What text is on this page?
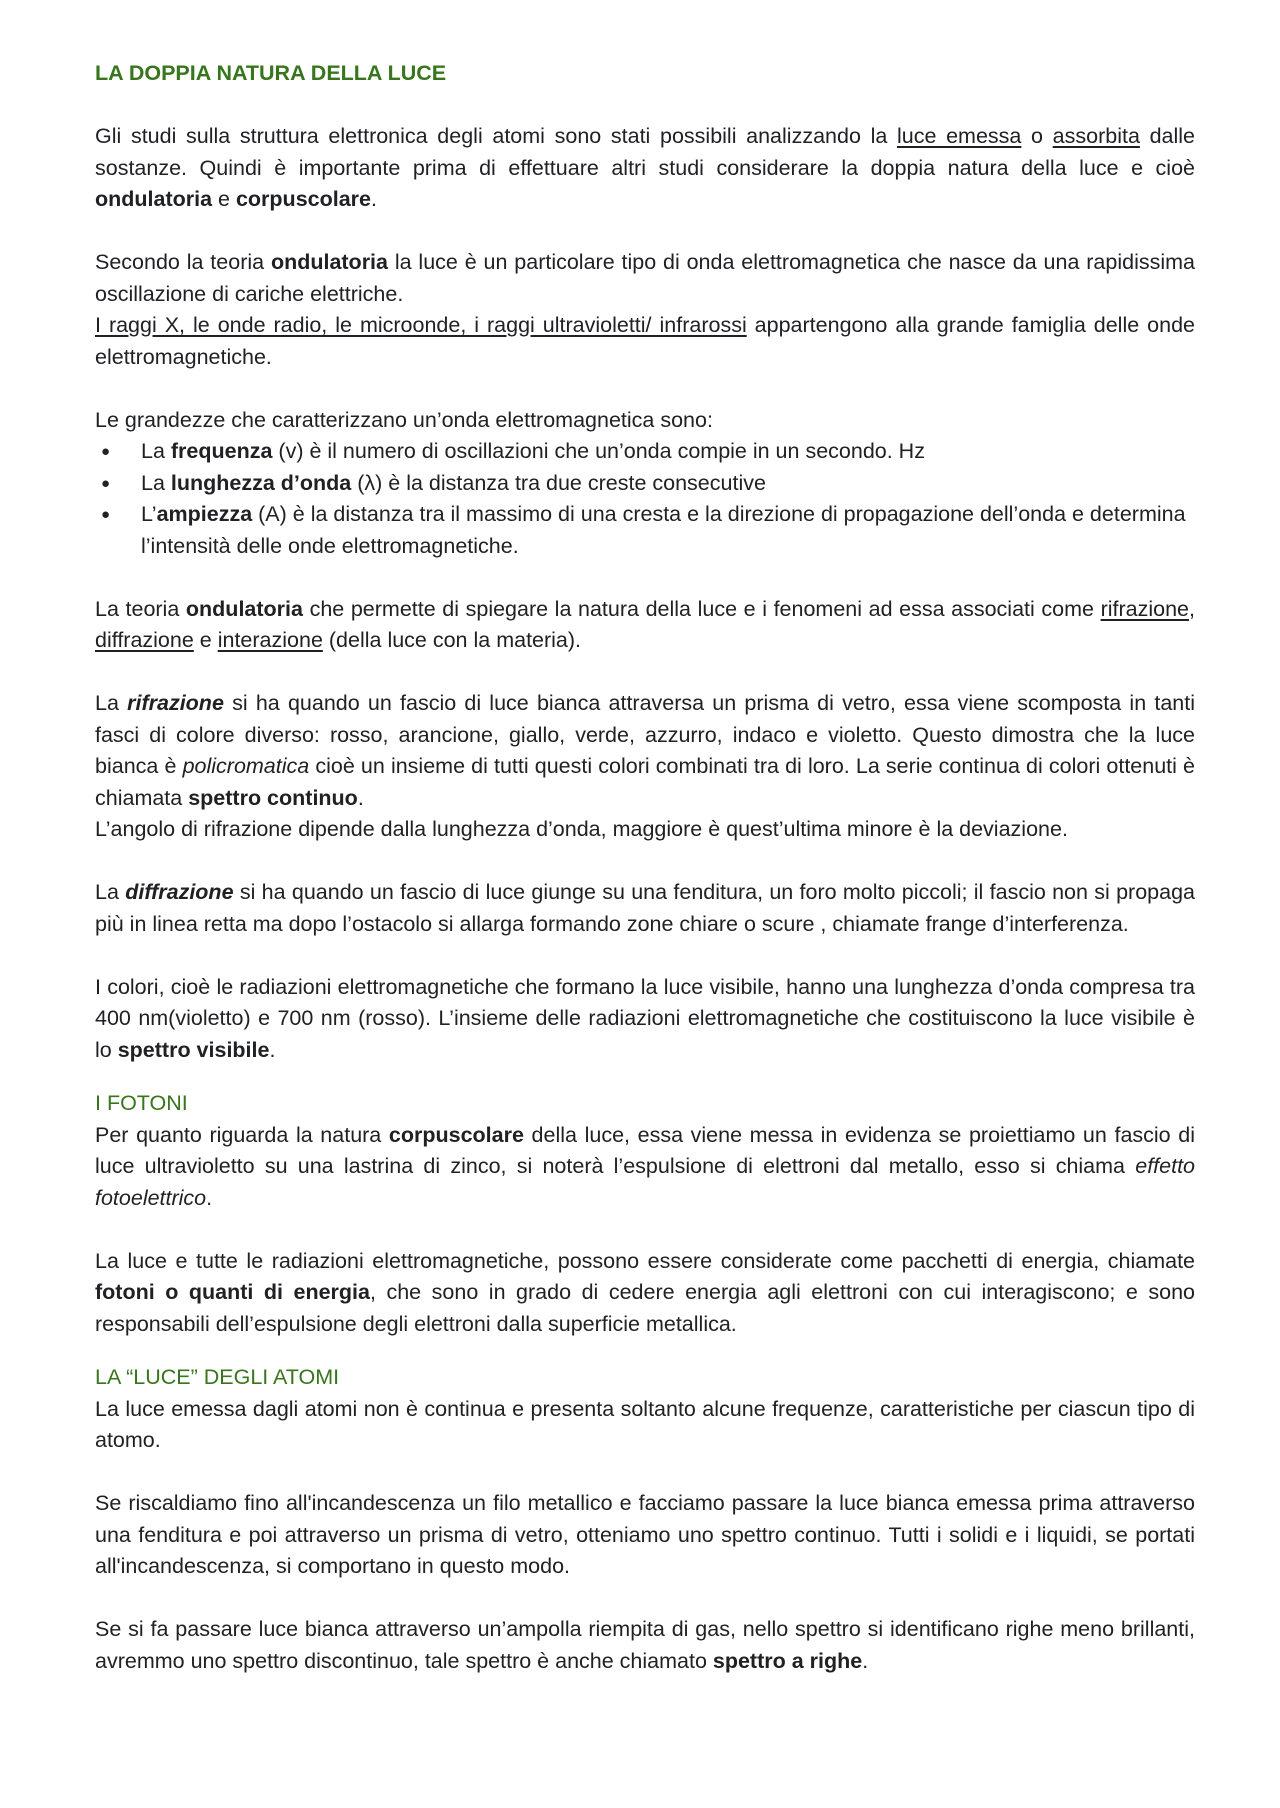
LA DOPPIA NATURA DELLA LUCE

Gli studi sulla struttura elettronica degli atomi sono stati possibili analizzando la luce emessa o assorbita dalle sostanze. Quindi è importante prima di effettuare altri studi considerare la doppia natura della luce e cioè ondulatoria e corpuscolare.

Secondo la teoria ondulatoria la luce è un particolare tipo di onda elettromagnetica che nasce da una rapidissima oscillazione di cariche elettriche.

I raggi X, le onde radio, le microonde, i raggi ultravioletti/ infrarossi appartengono alla grande famiglia delle onde elettromagnetiche.

Le grandezze che caratterizzano un’onda elettromagnetica sono:

● La frequenza (v) è il numero di oscillazioni che un’onda compie in un secondo. Hz
● La lunghezza d’onda (λ) è la distanza tra due creste consecutive
● L’ampiezza (A) è la distanza tra il massimo di una cresta e la direzione di propagazione dell’onda e determina l’intensità delle onde elettromagnetiche.

La teoria ondulatoria che permette di spiegare la natura della luce e i fenomeni ad essa associati come rifrazione, diffrazione e interazione (della luce con la materia).

La rifrazione si ha quando un fascio di luce bianca attraversa un prisma di vetro, essa viene scomposta in tanti fasci di colore diverso: rosso, arancione, giallo, verde, azzurro, indaco e violetto. Questo dimostra che la luce bianca è policromatica cioè un insieme di tutti questi colori combinati tra di loro. La serie continua di colori ottenuti è chiamata spettro continuo.

L’angolo di rifrazione dipende dalla lunghezza d’onda, maggiore è quest’ultima minore è la deviazione.

La diffrazione si ha quando un fascio di luce giunge su una fenditura, un foro molto piccoli; il fascio non si propaga più in linea retta ma dopo l’ostacolo si allarga formando zone chiare o scure , chiamate frange d’interferenza.

I colori, cioè le radiazioni elettromagnetiche che formano la luce visibile, hanno una lunghezza d’onda compresa tra 400 nm(violetto) e 700 nm (rosso). L’insieme delle radiazioni elettromagnetiche che costituiscono la luce visibile è lo spettro visibile.

I FOTONI

Per quanto riguarda la natura corpuscolare della luce, essa viene messa in evidenza se proiettiamo un fascio di luce ultravioletto su una lastrina di zinco, si noterà l’espulsione di elettroni dal metallo, esso si chiama effetto fotoelettrico.

La luce e tutte le radiazioni elettromagnetiche, possono essere considerate come pacchetti di energia, chiamate fotoni o quanti di energia, che sono in grado di cedere energia agli elettroni con cui interagiscono; e sono responsabili dell’espulsione degli elettroni dalla superficie metallica.

LA “LUCE” DEGLI ATOMI

La luce emessa dagli atomi non è continua e presenta soltanto alcune frequenze, caratteristiche per ciascun tipo di atomo.

Se riscaldiamo fino all'incandescenza un filo metallico e facciamo passare la luce bianca emessa prima attraverso una fenditura e poi attraverso un prisma di vetro, otteniamo uno spettro continuo. Tutti i solidi e i liquidi, se portati all'incandescenza, si comportano in questo modo.

Se si fa passare luce bianca attraverso un’ampolla riempita di gas, nello spettro si identificano righe meno brillanti, avremmo uno spettro discontinuo, tale spettro è anche chiamato spettro a righe.
